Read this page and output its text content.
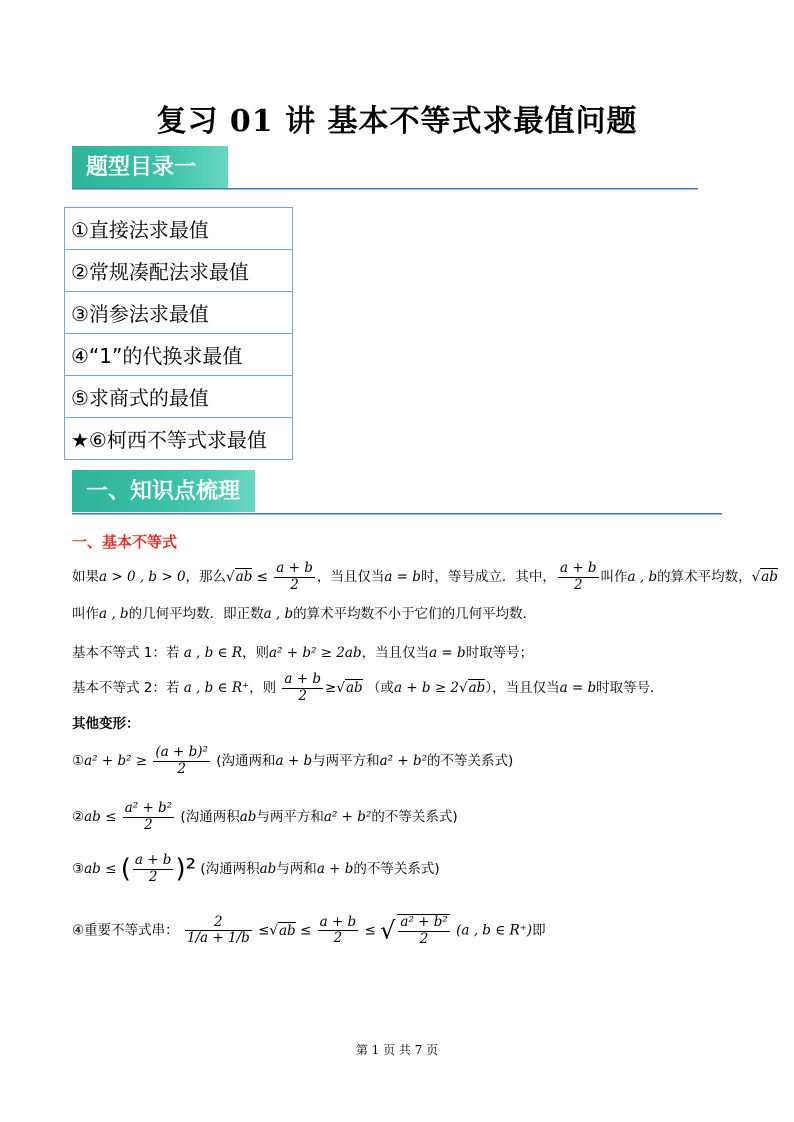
复习 01 讲 基本不等式求最值问题
题型目录一览
①直接法求最值
②常规凑配法求最值
③消参法求最值
④“1”的代换求最值
⑤求商式的最值
★⑥柯西不等式求最值
一、知识点梳理
一、基本不等式
如果a > 0 , b > 0，那么$√ab \le \frac{a + b}{2}$ ，当且仅当a = b时，等号成立．其中， $\frac{a + b}{2}$ 叫作a , b的算术平均数，√ab
叫作a , b的几何平均数．即正数a , b的算术平均数不小于它们的几何平均数．
基本不等式 1：若 a , b ∈ R，则a² + b² ≥ 2ab，当且仅当a = b时取等号；
基本不等式 2：若 a , b ∈ R⁺，则 $\frac{a + b}{2} \ge√ab$ （或a + b ≥ 2√ab），当且仅当a = b时取等号．
其他变形：
①a² + $b^2 \ge \frac{\text{(a + b)²}}{2}$ (沟通两和a + b与两平方和a² + b²的不等关系式)
②ab ≤ $\frac{\text{a² + b²}}{2}$ (沟通两积ab与两平方和a² + b²的不等关系式)
③ab ≤ ( $\frac{a + b}{2} )^2$ (沟通两积ab与两和a + b的不等关系式)
④重要不等式串： $\frac{2}{1/a + 1/b} \le√ab \le \frac{a + b}{2}$ ≤ √ $\frac{\text{a² + b²}}{2} (a$ , b ∈ R⁺)即
第 1 页 共 7 页
